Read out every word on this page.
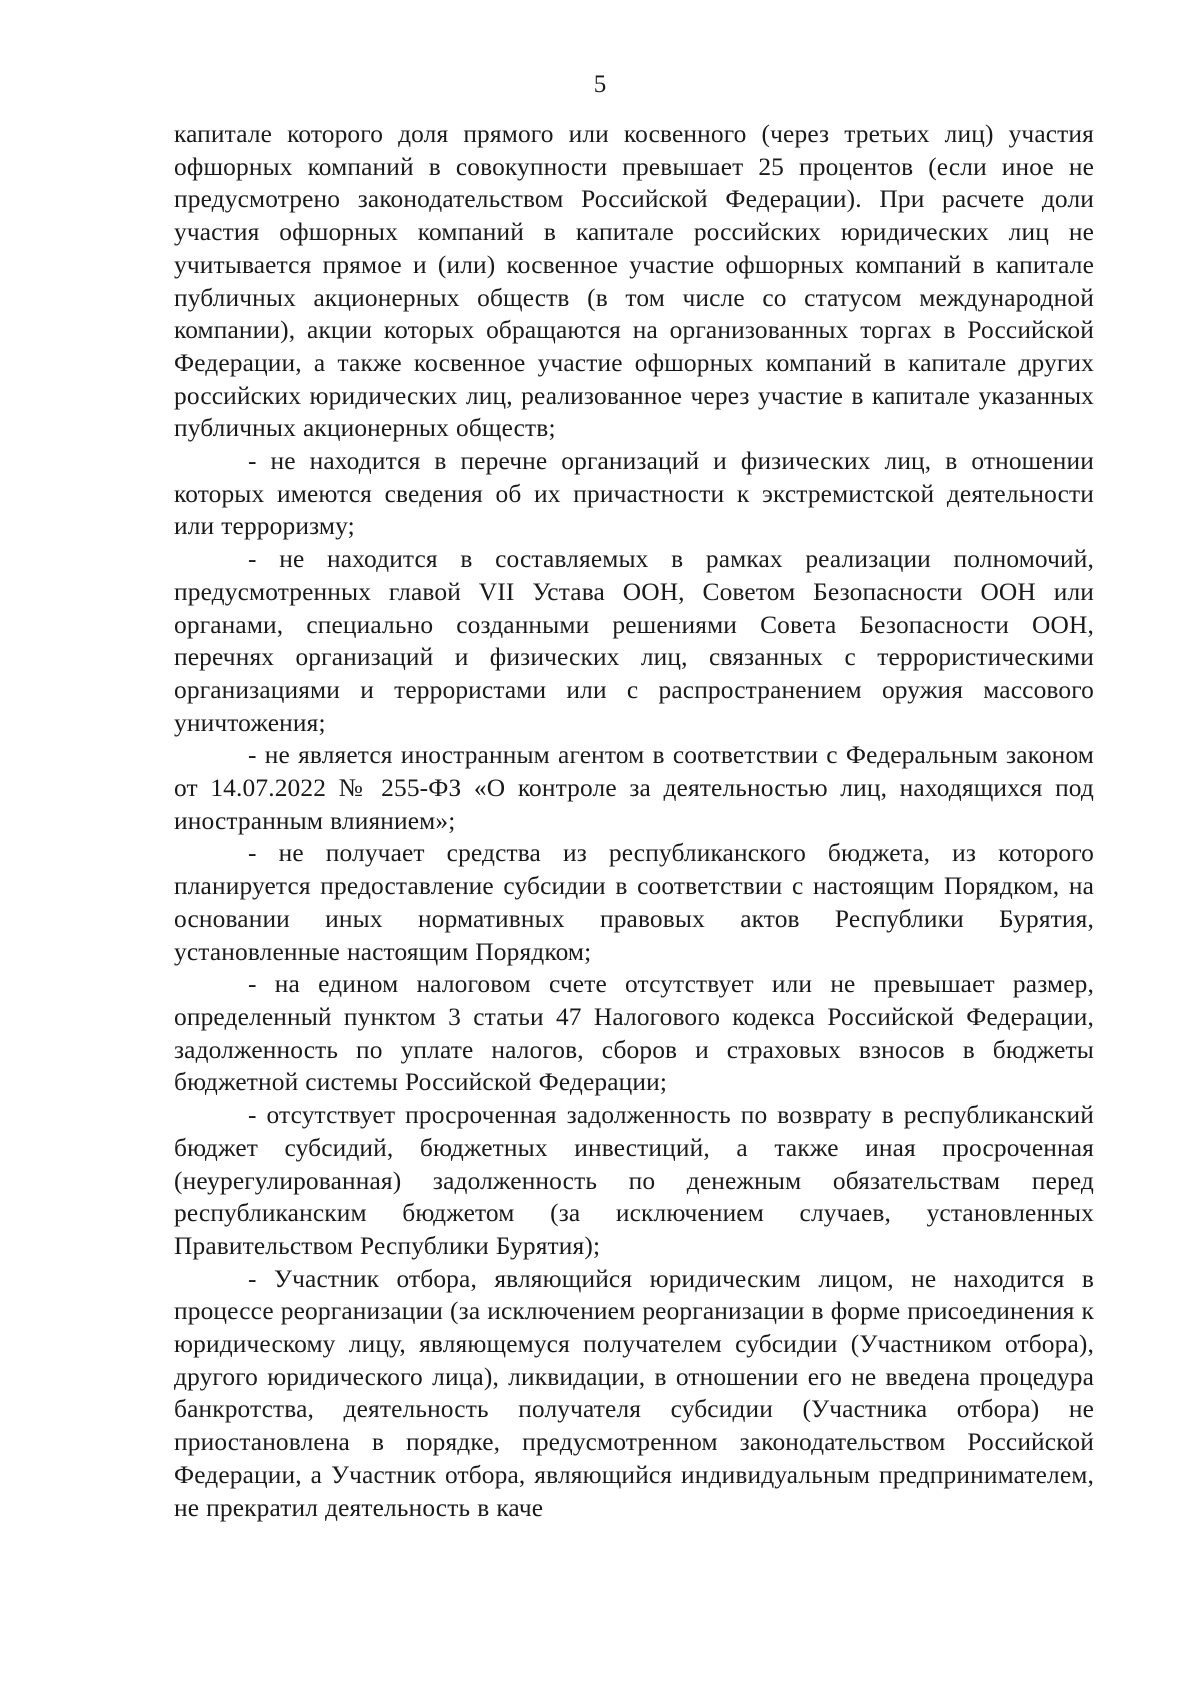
5

капитале которого доля прямого или косвенного (через третьих лиц) участия офшорных компаний в совокупности превышает 25 процентов (если иное не предусмотрено законодательством Российской Федерации). При расчете доли участия офшорных компаний в капитале российских юридических лиц не учитывается прямое и (или) косвенное участие офшорных компаний в капитале публичных акционерных обществ (в том числе со статусом международной компании), акции которых обращаются на организованных торгах в Российской Федерации, а также косвенное участие офшорных компаний в капитале других российских юридических лиц, реализованное через участие в капитале указанных публичных акционерных обществ;

- не находится в перечне организаций и физических лиц, в отношении которых имеются сведения об их причастности к экстремистской деятельности или терроризму;

- не находится в составляемых в рамках реализации полномочий, предусмотренных главой VII Устава ООН, Советом Безопасности ООН или органами, специально созданными решениями Совета Безопасности ООН, перечнях организаций и физических лиц, связанных с террористическими организациями и террористами или с распространением оружия массового уничтожения;

- не является иностранным агентом в соответствии с Федеральным законом от 14.07.2022 № 255-ФЗ «О контроле за деятельностью лиц, находящихся под иностранным влиянием»;

- не получает средства из республиканского бюджета, из которого планируется предоставление субсидии в соответствии с настоящим Порядком, на основании иных нормативных правовых актов Республики Бурятия, установленные настоящим Порядком;

- на едином налоговом счете отсутствует или не превышает размер, определенный пунктом 3 статьи 47 Налогового кодекса Российской Федерации, задолженность по уплате налогов, сборов и страховых взносов в бюджеты бюджетной системы Российской Федерации;

- отсутствует просроченная задолженность по возврату в республиканский бюджет субсидий, бюджетных инвестиций, а также иная просроченная (неурегулированная) задолженность по денежным обязательствам перед республиканским бюджетом (за исключением случаев, установленных Правительством Республики Бурятия);

- Участник отбора, являющийся юридическим лицом, не находится в процессе реорганизации (за исключением реорганизации в форме присоединения к юридическому лицу, являющемуся получателем субсидии (Участником отбора), другого юридического лица), ликвидации, в отношении его не введена процедура банкротства, деятельность получателя субсидии (Участника отбора) не приостановлена в порядке, предусмотренном законодательством Российской Федерации, а Участник отбора, являющийся индивидуальным предпринимателем, не прекратил деятельность в каче
